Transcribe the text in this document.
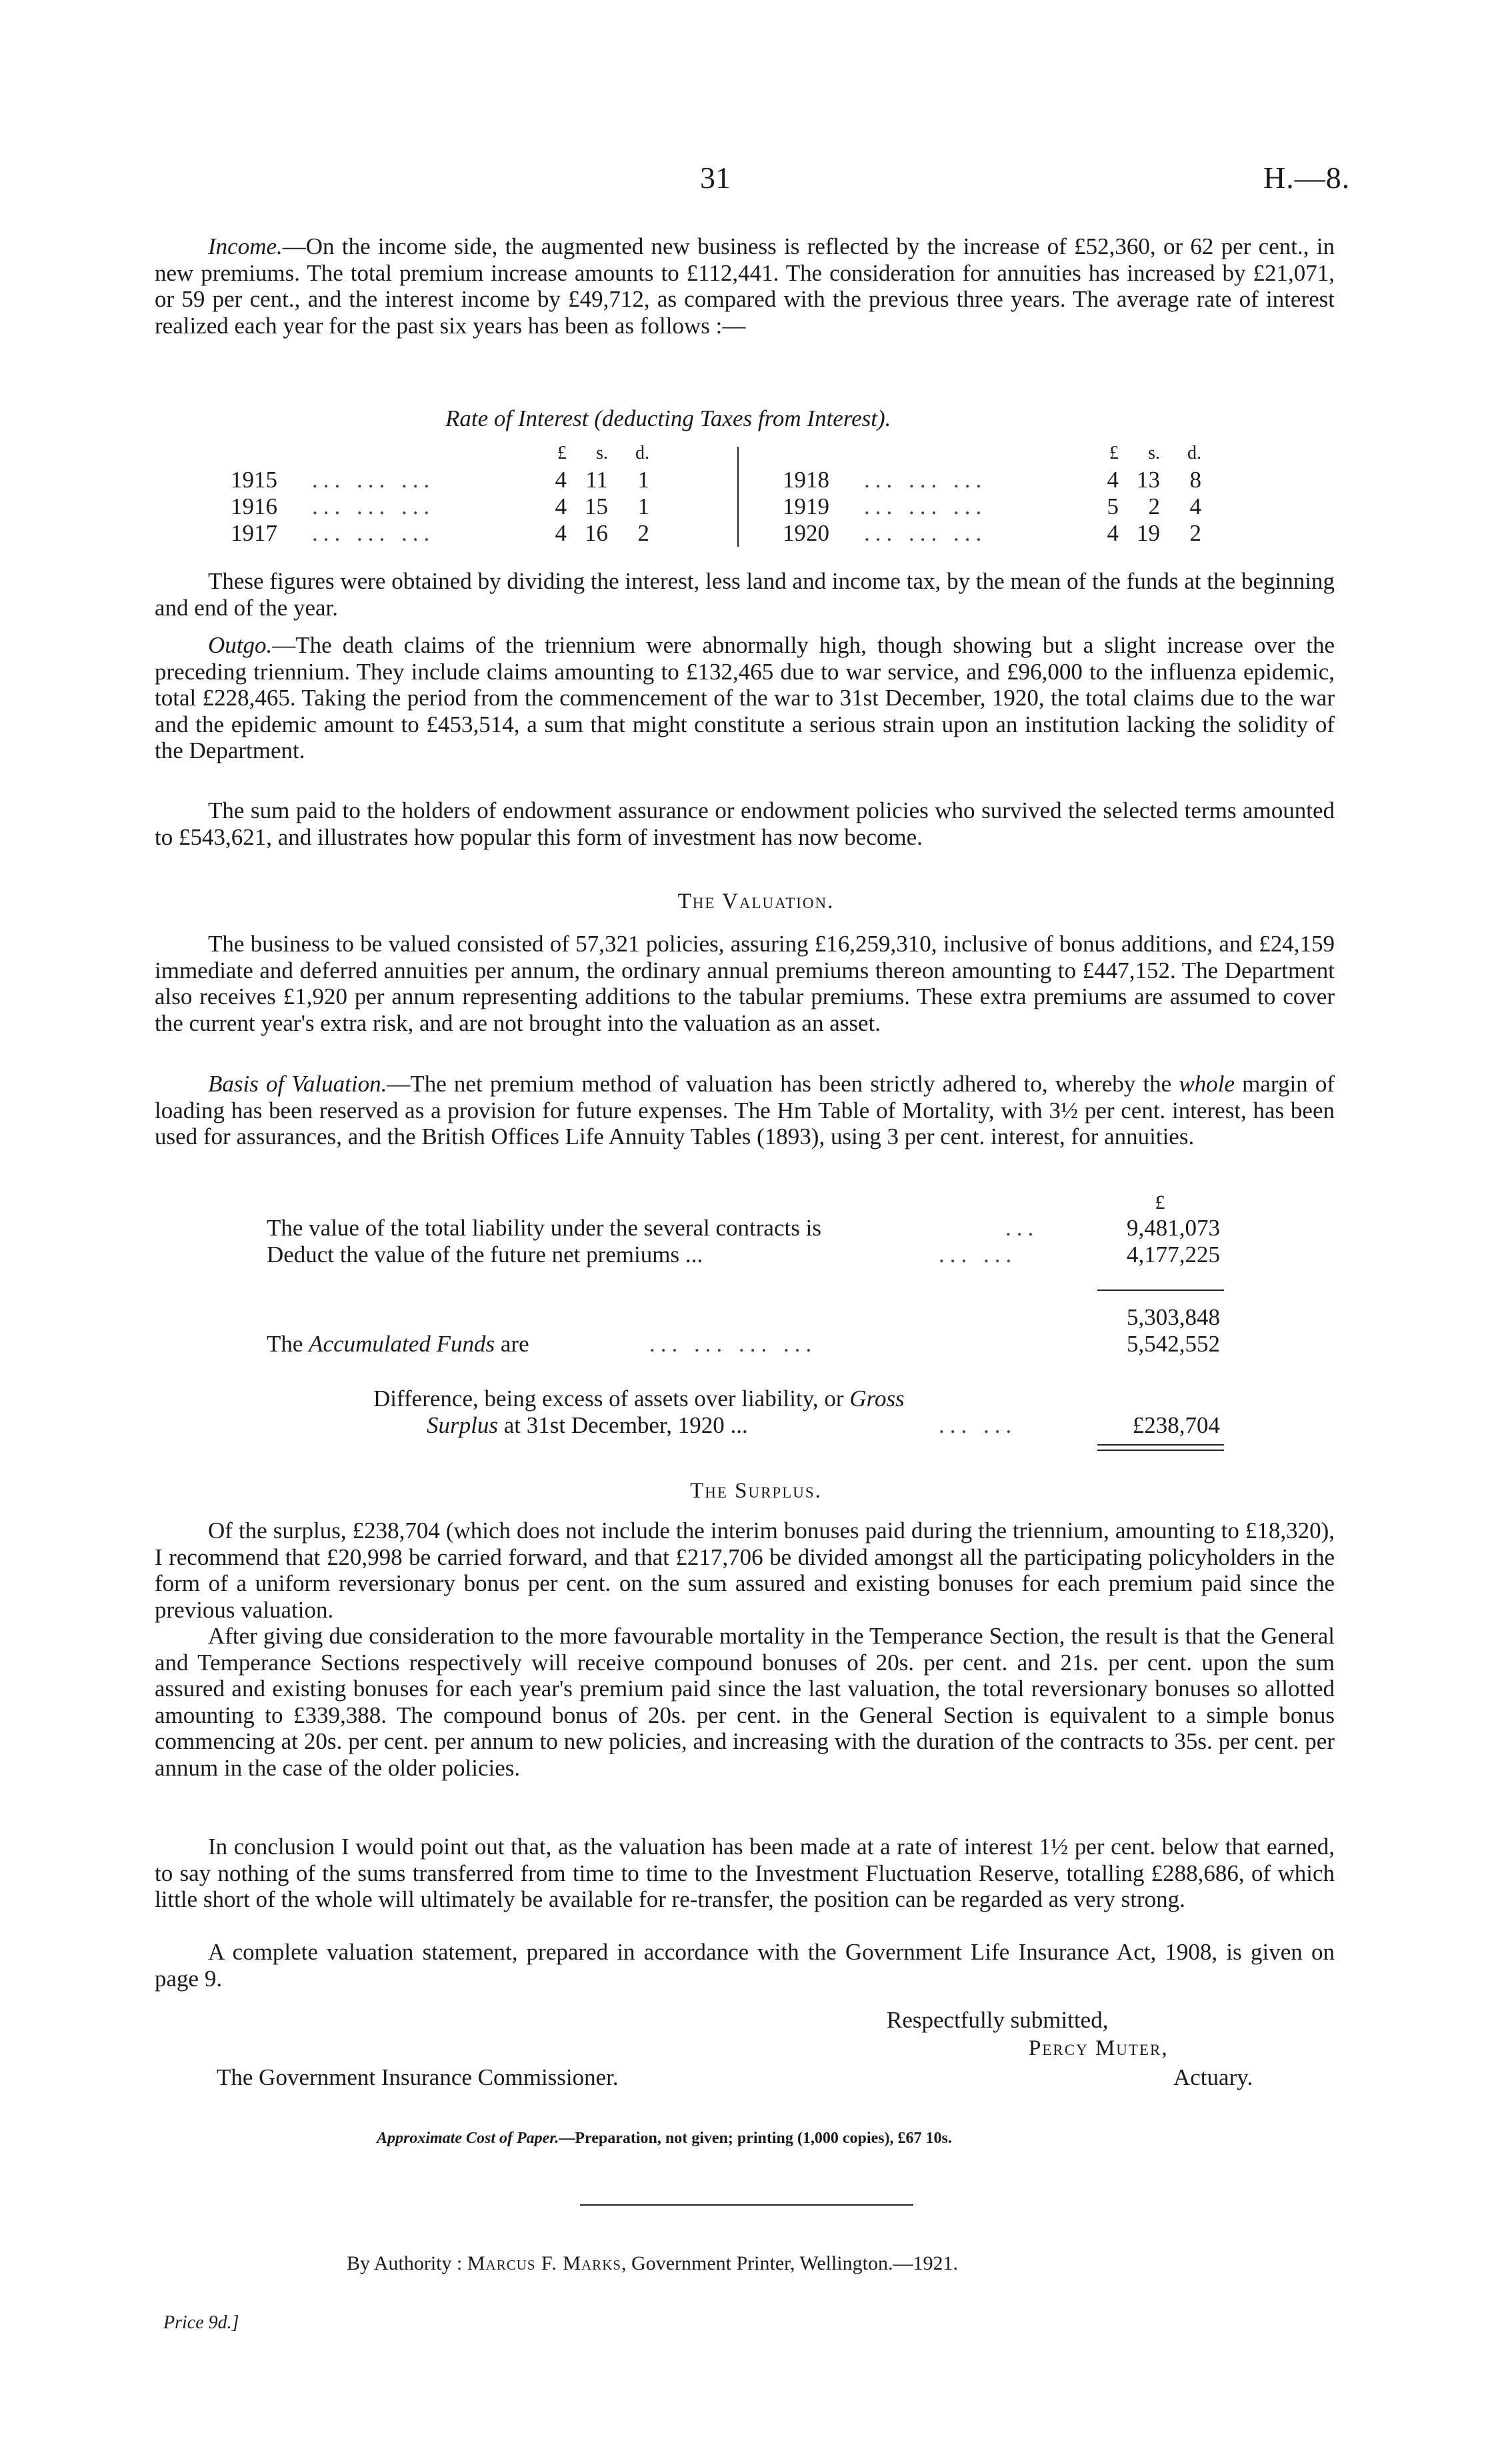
31	H.—8.

Income.—On the income side, the augmented new business is reflected by the increase of £52,360, or 62 per cent., in new premiums. The total premium increase amounts to £112,441. The consideration for annuities has increased by £21,071, or 59 per cent., and the interest income by £49,712, as compared with the previous three years. The average rate of interest realized each year for the past six years has been as follows :—

Rate of Interest (deducting Taxes from Interest).
		£	s.	d.
1915	... ... ...	4	11	1
1916	... ... ...	4	15	1
1917	... ... ...	4	16	2
		£	s.	d.
1918	... ... ...	4	13	8
1919	... ... ...	5	2	4
1920	... ... ...	4	19	2

These figures were obtained by dividing the interest, less land and income tax, by the mean of the funds at the beginning and end of the year.

Outgo.—The death claims of the triennium were abnormally high, though showing but a slight increase over the preceding triennium. They include claims amounting to £132,465 due to war service, and £96,000 to the influenza epidemic, total £228,465. Taking the period from the commencement of the war to 31st December, 1920, the total claims due to the war and the epidemic amount to £453,514, a sum that might constitute a serious strain upon an institution lacking the solidity of the Department.

The sum paid to the holders of endowment assurance or endowment policies who survived the selected terms amounted to £543,621, and illustrates how popular this form of investment has now become.

The Valuation.

The business to be valued consisted of 57,321 policies, assuring £16,259,310, inclusive of bonus additions, and £24,159 immediate and deferred annuities per annum, the ordinary annual premiums thereon amounting to £447,152. The Department also receives £1,920 per annum representing additions to the tabular premiums. These extra premiums are assumed to cover the current year's extra risk, and are not brought into the valuation as an asset.

Basis of Valuation.—The net premium method of valuation has been strictly adhered to, whereby the whole margin of loading has been reserved as a provision for future expenses. The Hm Table of Mortality, with 3½ per cent. interest, has been used for assurances, and the British Offices Life Annuity Tables (1893), using 3 per cent. interest, for annuities.

£
The value of the total liability under the several contracts is	...	9,481,073
Deduct the value of the future net premiums ...	... ...	4,177,225
5,303,848
The Accumulated Funds are	... ... ... ...	5,542,552
Difference, being excess of assets over liability, or Gross
Surplus at 31st December, 1920 ...	... ...	£238,704
The Surplus.

Of the surplus, £238,704 (which does not include the interim bonuses paid during the triennium, amounting to £18,320), I recommend that £20,998 be carried forward, and that £217,706 be divided amongst all the participating policyholders in the form of a uniform reversionary bonus per cent. on the sum assured and existing bonuses for each premium paid since the previous valuation.

After giving due consideration to the more favourable mortality in the Temperance Section, the result is that the General and Temperance Sections respectively will receive compound bonuses of 20s. per cent. and 21s. per cent. upon the sum assured and existing bonuses for each year's premium paid since the last valuation, the total reversionary bonuses so allotted amounting to £339,388. The compound bonus of 20s. per cent. in the General Section is equivalent to a simple bonus commencing at 20s. per cent. per annum to new policies, and increasing with the duration of the contracts to 35s. per cent. per annum in the case of the older policies.

In conclusion I would point out that, as the valuation has been made at a rate of interest 1½ per cent. below that earned, to say nothing of the sums transferred from time to time to the Investment Fluctuation Reserve, totalling £288,686, of which little short of the whole will ultimately be available for re-transfer, the position can be regarded as very strong.

A complete valuation statement, prepared in accordance with the Government Life Insurance Act, 1908, is given on page 9.

Respectfully submitted,
Percy Muter,
The Government Insurance Commissioner.	Actuary.
Approximate Cost of Paper.—Preparation, not given; printing (1,000 copies), £67 10s.
By Authority : Marcus F. Marks, Government Printer, Wellington.—1921.
Price 9d.]
